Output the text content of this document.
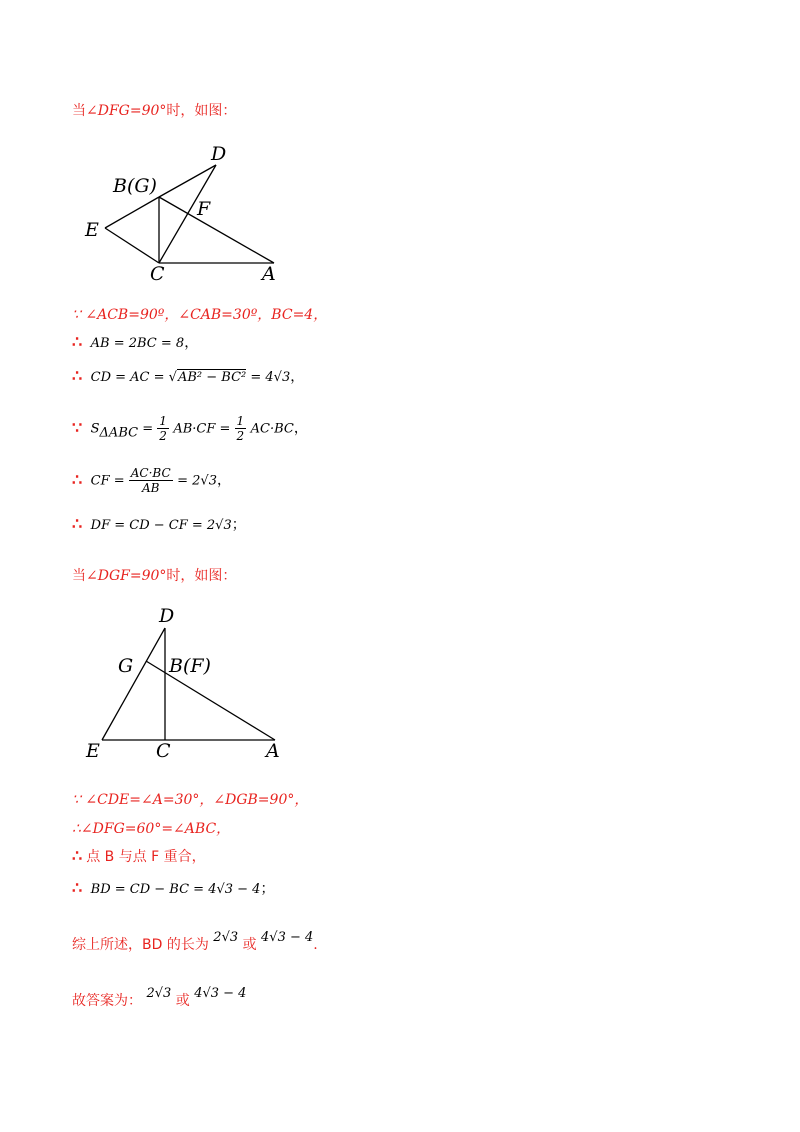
当∠DFG=90°时，如图：
D
B(G)
F
E
C	A
∵ ∠ACB=90º，∠CAB=30º，BC=4，
∴ AB = 2BC = 8，
∴ CD = AC = √AB² − BC² = 4√3，
∵ $S_{\Delta ABC} = \frac{1}{2} AB\cdot CF = \frac{1}{2} AC\cdot BC$，
∴ CF = $\frac{AC\cdot BC}{AB} = 2√3$，
∴ DF = CD − CF = 2√3；
当∠DGF=90°时，如图：
D
G B(F)
E	C	A
∵ ∠CDE=∠A=30°，∠DGB=90°，
∴∠DFG=60°=∠ABC，
∴ 点 B 与点 F 重合，
∴ BD = CD − BC = 4√3 − 4；
综上所述，BD 的长为 2√3 或 4√3 − 4.
故答案为： 2√3 或 4√3 − 4
